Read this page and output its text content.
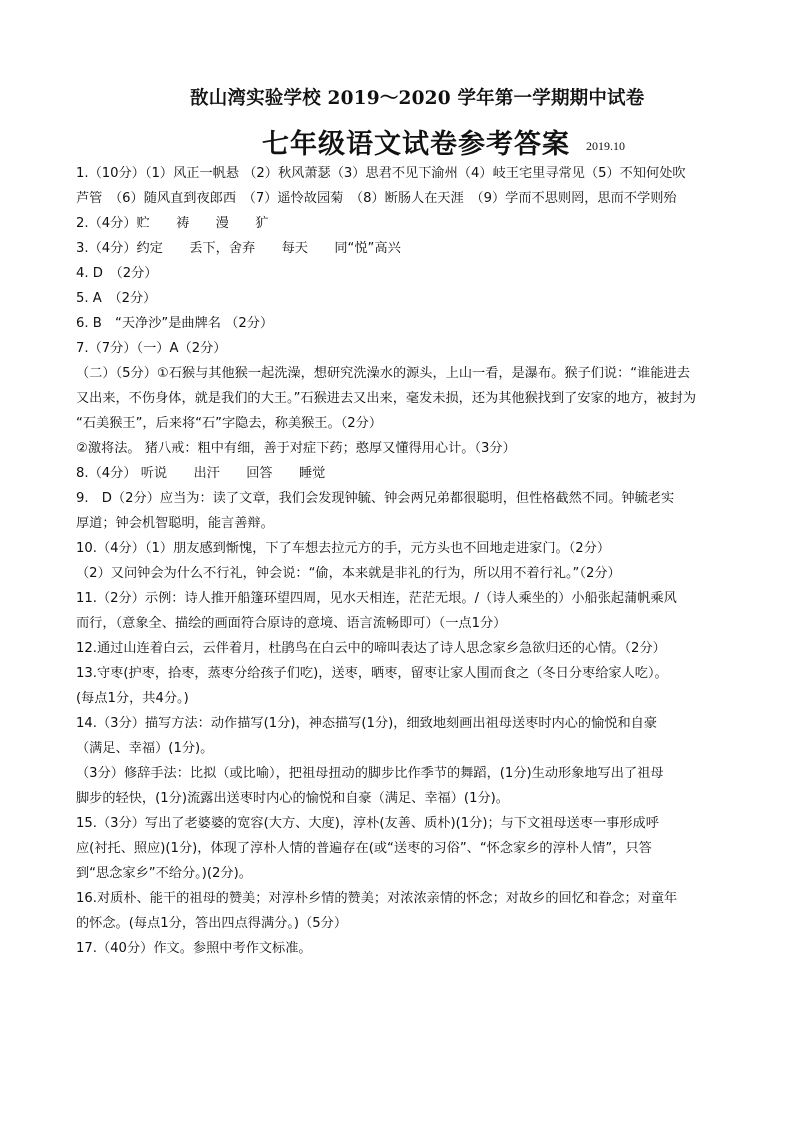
敔山湾实验学校 2019～2020 学年第一学期期中试卷
七年级语文试卷参考答案 2019.10
1.（10分）（1）风正一帆悬 （2）秋风萧瑟（3）思君不见下渝州（4）岐王宅里寻常见（5）不知何处吹
芦管　（6）随风直到夜郎西　（7）遥怜故园菊　（8）断肠人在天涯　（9）学而不思则罔，思而不学则殆
2.（4分）贮　　祷　　漫　　犷
3.（4分）约定　　丢下，舍弃　　每天　　同“悦”高兴
4. D　（2分）
5. A　（2分）
6. B　“天净沙”是曲牌名 （2分）
7.（7分）（一）A（2分）
（二）（5分）①石猴与其他猴一起洗澡，想研究洗澡水的源头，上山一看，是瀑布。猴子们说：“谁能进去
又出来，不伤身体，就是我们的大王。”石猴进去又出来，毫发未损，还为其他猴找到了安家的地方，被封为
“石美猴王”，后来将“石”字隐去，称美猴王。（2分）
②激将法。 猪八戒：粗中有细，善于对症下药；憨厚又懂得用心计。（3分）
8.（4分） 听说　　出汗　　回答　　睡觉
9.　D（2分）应当为：读了文章，我们会发现钟毓、钟会两兄弟都很聪明，但性格截然不同。钟毓老实
厚道；钟会机智聪明，能言善辩。
10.（4分）（1）朋友感到惭愧，下了车想去拉元方的手，元方头也不回地走进家门。（2分）
（2）又问钟会为什么不行礼，钟会说：“偷，本来就是非礼的行为，所以用不着行礼。”（2分）
11.（2分）示例：诗人推开船篷环望四周，见水天相连，茫茫无垠。/（诗人乘坐的）小船张起蒲帆乘风
而行，（意象全、描绘的画面符合原诗的意境、语言流畅即可）（一点1分）
12.通过山连着白云，云伴着月，杜鹃鸟在白云中的啼叫表达了诗人思念家乡急欲归还的心情。（2分）
13.守枣(护枣，拾枣，蒸枣分给孩子们吃)，送枣，晒枣，留枣让家人围而食之（冬日分枣给家人吃）。
(每点1分，共4分。)
14.（3分）描写方法：动作描写(1分)，神态描写(1分)，细致地刻画出祖母送枣时内心的愉悦和自豪
（满足、幸福）(1分)。
（3分）修辞手法：比拟（或比喻），把祖母扭动的脚步比作季节的舞蹈，(1分)生动形象地写出了祖母
脚步的轻快，(1分)流露出送枣时内心的愉悦和自豪（满足、幸福）(1分)。
15.（3分）写出了老婆婆的宽容(大方、大度)，淳朴(友善、质朴)(1分)；与下文祖母送枣一事形成呼
应(衬托、照应)(1分)，体现了淳朴人情的普遍存在(或“送枣的习俗”、“怀念家乡的淳朴人情”，只答
到“思念家乡”不给分。)(2分)。
16.对质朴、能干的祖母的赞美；对淳朴乡情的赞美；对浓浓亲情的怀念；对故乡的回忆和眷念；对童年
的怀念。(每点1分，答出四点得满分。)（5分）
17.（40分）作文。参照中考作文标准。
